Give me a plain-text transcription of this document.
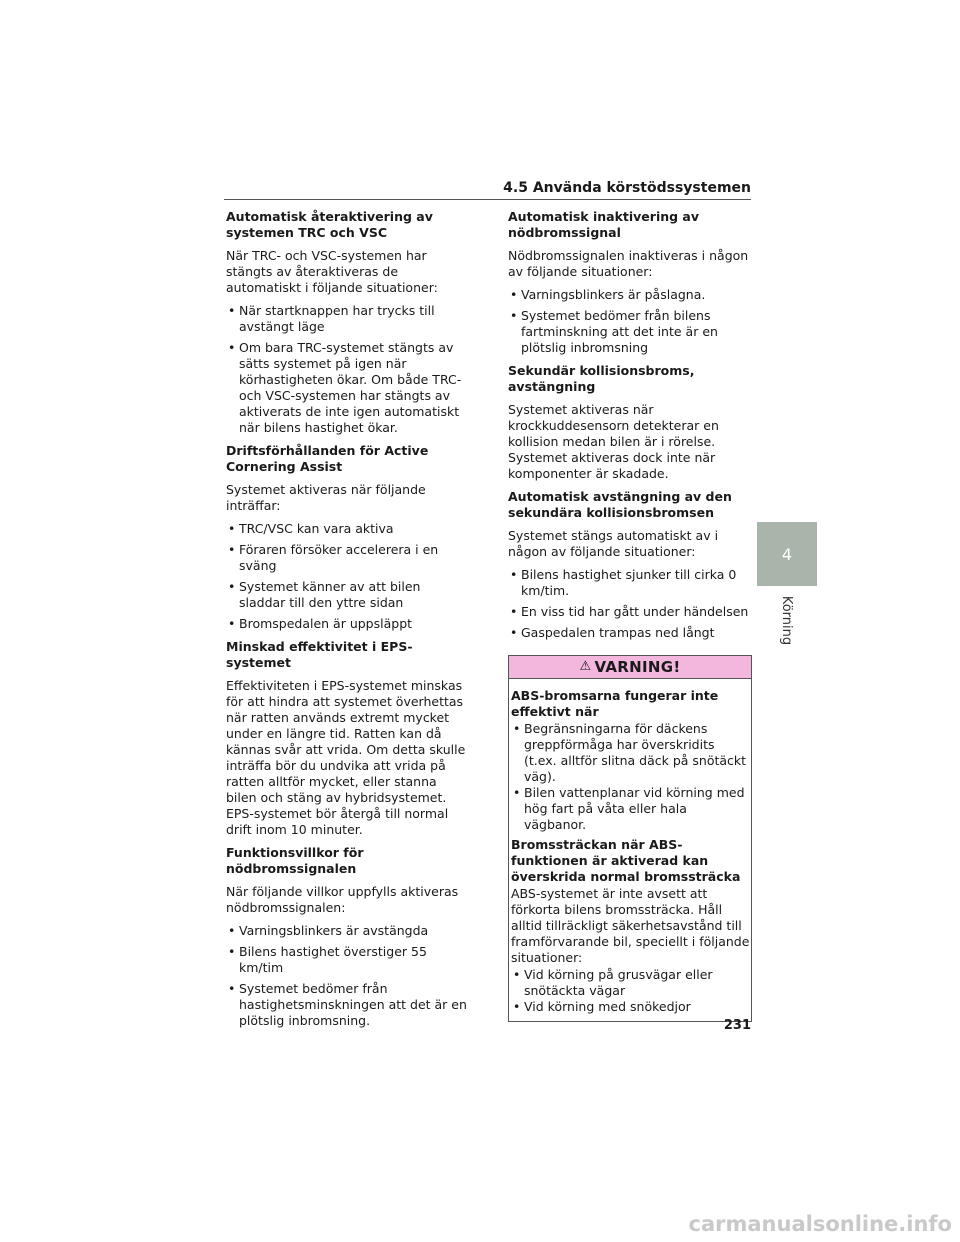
4.5 Använda körstödssystemen
Automatisk återaktivering av systemen TRC och VSC
När TRC- och VSC-systemen har stängts av återaktiveras de automatiskt i följande situationer:
• När startknappen har trycks till avstängt läge
• Om bara TRC-systemet stängts av sätts systemet på igen när körhastigheten ökar. Om både TRC- och VSC-systemen har stängts av aktiverats de inte igen automatiskt när bilens hastighet ökar.
Driftsförhållanden för Active Cornering Assist
Systemet aktiveras när följande inträffar:
• TRC/VSC kan vara aktiva
• Föraren försöker accelerera i en sväng
• Systemet känner av att bilen sladdar till den yttre sidan
• Bromspedalen är uppsläppt
Minskad effektivitet i EPS-systemet
Effektiviteten i EPS-systemet minskas för att hindra att systemet överhettas när ratten används extremt mycket under en längre tid. Ratten kan då kännas svår att vrida. Om detta skulle inträffa bör du undvika att vrida på ratten alltför mycket, eller stanna bilen och stäng av hybridsystemet. EPS-systemet bör återgå till normal drift inom 10 minuter.
Funktionsvillkor för nödbromssignalen
När följande villkor uppfylls aktiveras nödbromssignalen:
• Varningsblinkers är avstängda
• Bilens hastighet överstiger 55 km/tim
• Systemet bedömer från hastighetsminskningen att det är en plötslig inbromsning.
Automatisk inaktivering av nödbromssignal
Nödbromssignalen inaktiveras i någon av följande situationer:
• Varningsblinkers är påslagna.
• Systemet bedömer från bilens fartminskning att det inte är en plötslig inbromsning
Sekundär kollisionsbroms, avstängning
Systemet aktiveras när krockkuddesensorn detekterar en kollision medan bilen är i rörelse. Systemet aktiveras dock inte när komponenter är skadade.
Automatisk avstängning av den sekundära kollisionsbromsen
Systemet stängs automatiskt av i någon av följande situationer:
• Bilens hastighet sjunker till cirka 0 km/tim.
• En viss tid har gått under händelsen
• Gaspedalen trampas ned långt
⚠ VARNING!
ABS-bromsarna fungerar inte effektivt när
• Begränsningarna för däckens greppförmåga har överskridits (t.ex. alltför slitna däck på snötäckt väg).
• Bilen vattenplanar vid körning med hög fart på våta eller hala vägbanor.
Bromssträckan när ABS-funktionen är aktiverad kan överskrida normal bromssträcka
ABS-systemet är inte avsett att förkorta bilens bromssträcka. Håll alltid tillräckligt säkerhetsavstånd till framförvarande bil, speciellt i följande situationer:
• Vid körning på grusvägar eller snötäckta vägar
• Vid körning med snökedjor
4
Körning
231
carmanualsonline.info
